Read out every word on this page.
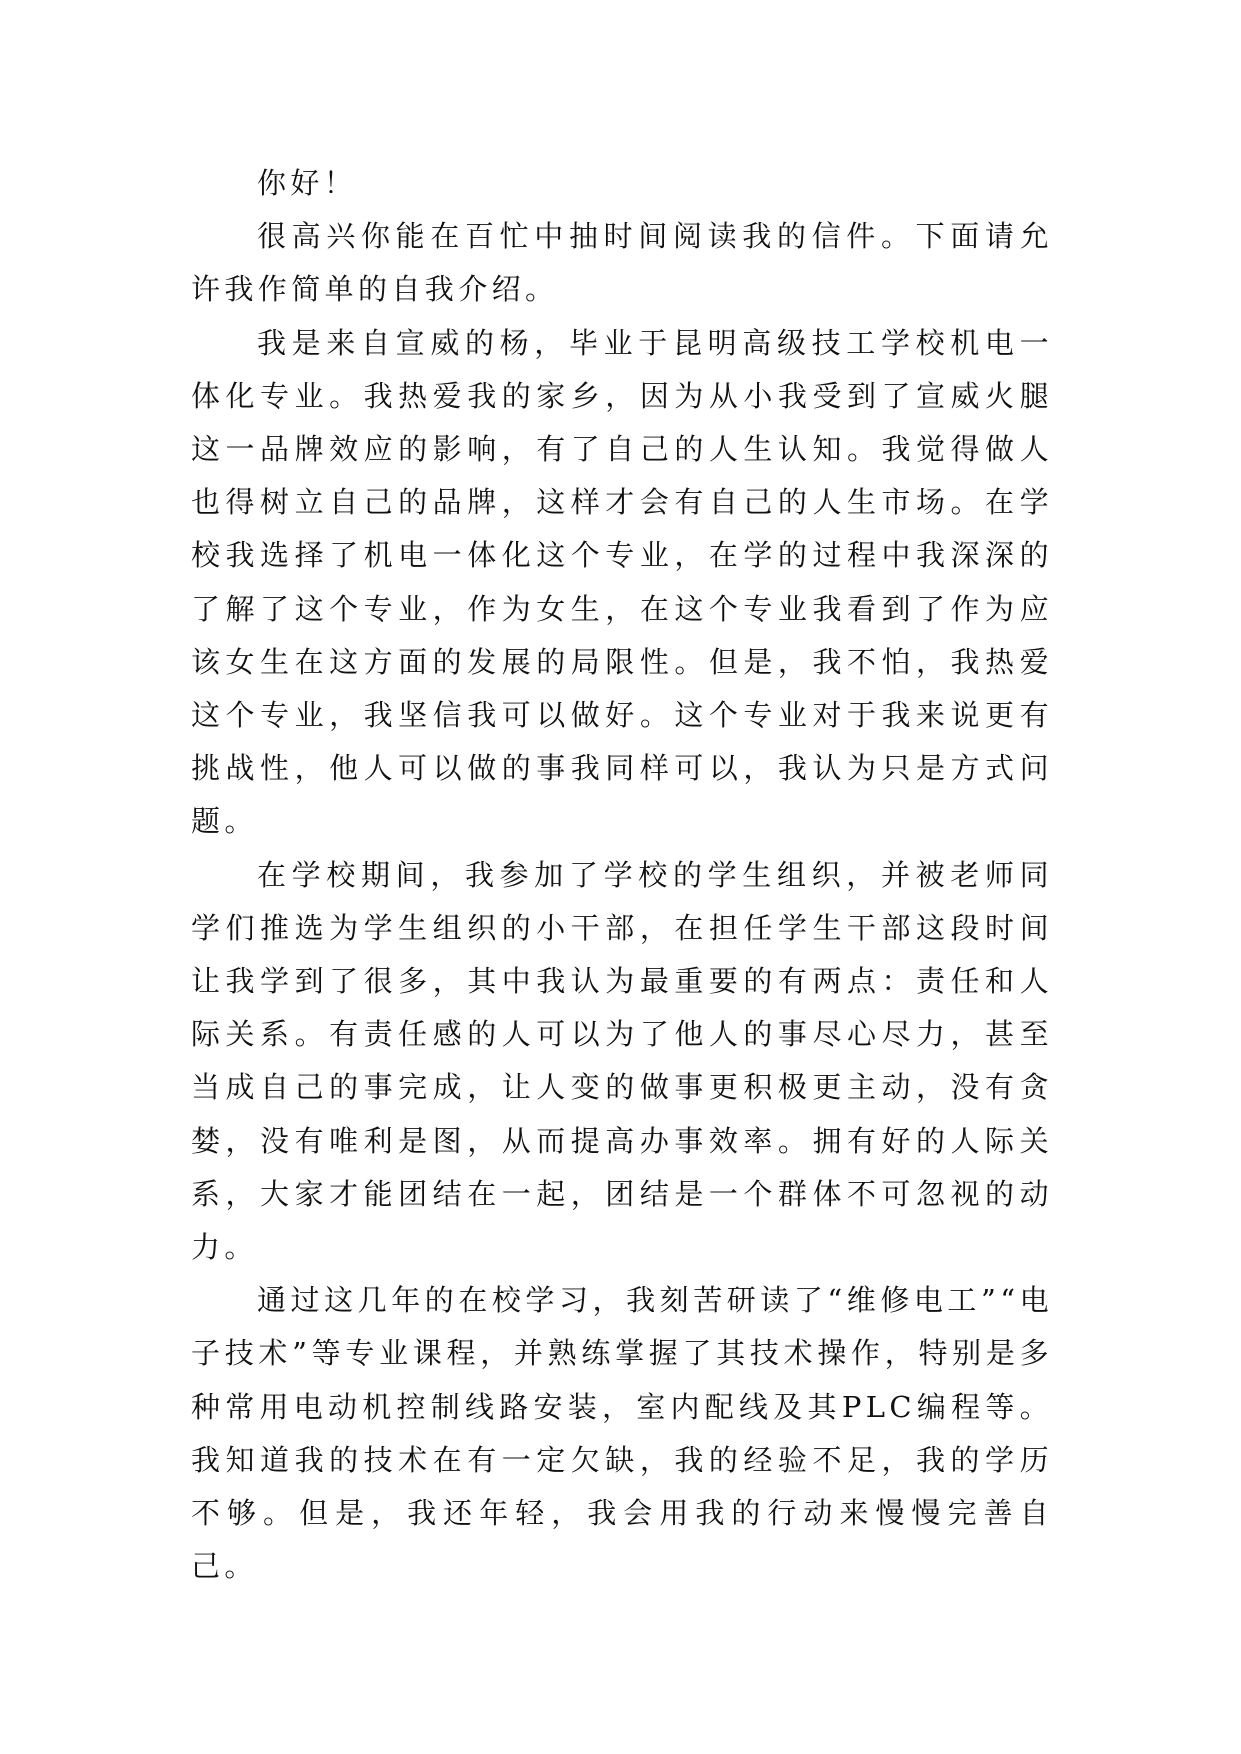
你好！

很高兴你能在百忙中抽时间阅读我的信件。下面请允许我作简单的自我介绍。

我是来自宣威的杨，毕业于昆明高级技工学校机电一体化专业。我热爱我的家乡，因为从小我受到了宣威火腿这一品牌效应的影响，有了自己的人生认知。我觉得做人也得树立自己的品牌，这样才会有自己的人生市场。在学校我选择了机电一体化这个专业，在学的过程中我深深的了解了这个专业，作为女生，在这个专业我看到了作为应该女生在这方面的发展的局限性。但是，我不怕，我热爱这个专业，我坚信我可以做好。这个专业对于我来说更有挑战性，他人可以做的事我同样可以，我认为只是方式问题。

在学校期间，我参加了学校的学生组织，并被老师同学们推选为学生组织的小干部，在担任学生干部这段时间让我学到了很多，其中我认为最重要的有两点：责任和人际关系。有责任感的人可以为了他人的事尽心尽力，甚至当成自己的事完成，让人变的做事更积极更主动，没有贪婪，没有唯利是图，从而提高办事效率。拥有好的人际关系，大家才能团结在一起，团结是一个群体不可忽视的动力。

通过这几年的在校学习，我刻苦研读了“维修电工”“电子技术”等专业课程，并熟练掌握了其技术操作，特别是多种常用电动机控制线路安装，室内配线及其PLC编程等。我知道我的技术在有一定欠缺，我的经验不足，我的学历不够。但是，我还年轻，我会用我的行动来慢慢完善自己。
